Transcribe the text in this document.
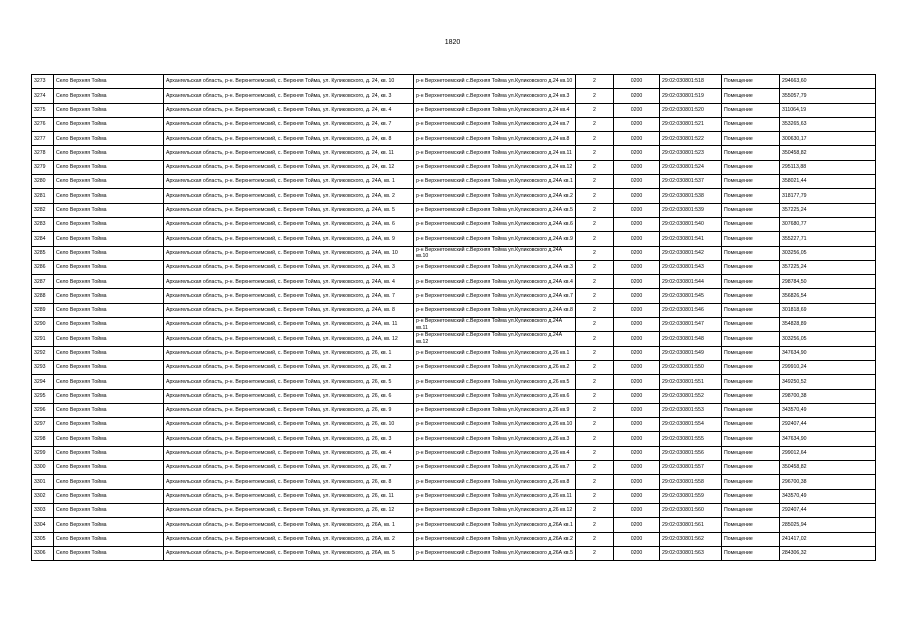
1820
3273	Село Верхняя Тойма	Архангельская область, р-н. Верхнетоемский, с. Верхняя Тойма, ул. Куликовского, д. 24, кв. 10	р-н Верхнетоемский с.Верхняя Тойма ул.Куликовского д.24 кв.10	2	0200	29:02:030801:518	Помещение	294663,60
3274	Село Верхняя Тойма	Архангельская область, р-н. Верхнетоемский, с. Верхняя Тойма, ул. Куликовского, д. 24, кв. 3	р-н Верхнетоемский с.Верхняя Тойма ул.Куликовского д.24 кв.3	2	0200	29:02:030801:519	Помещение	355057,79
3275	Село Верхняя Тойма	Архангельская область, р-н. Верхнетоемский, с. Верхняя Тойма, ул. Куликовского, д. 24, кв. 4	р-н Верхнетоемский с.Верхняя Тойма ул.Куликовского д.24 кв.4	2	0200	29:02:030801:520	Помещение	311064,19
3276	Село Верхняя Тойма	Архангельская область, р-н. Верхнетоемский, с. Верхняя Тойма, ул. Куликовского, д. 24, кв. 7	р-н Верхнетоемский с.Верхняя Тойма ул.Куликовского д.24 кв.7	2	0200	29:02:030801:521	Помещение	353265,63
3277	Село Верхняя Тойма	Архангельская область, р-н. Верхнетоемский, с. Верхняя Тойма, ул. Куликовского, д. 24, кв. 8	р-н Верхнетоемский с.Верхняя Тойма ул.Куликовского д.24 кв.8	2	0200	29:02:030801:522	Помещение	300630,17
3278	Село Верхняя Тойма	Архангельская область, р-н. Верхнетоемский, с. Верхняя Тойма, ул. Куликовского, д. 24, кв. 11	р-н Верхнетоемский с.Верхняя Тойма ул.Куликовского д.24 кв.11	2	0200	29:02:030801:523	Помещение	350458,82
3279	Село Верхняя Тойма	Архангельская область, р-н. Верхнетоемский, с. Верхняя Тойма, ул. Куликовского, д. 24, кв. 12	р-н Верхнетоемский с.Верхняя Тойма ул.Куликовского д.24 кв.12	2	0200	29:02:030801:524	Помещение	295113,88
3280	Село Верхняя Тойма	Архангельская область, р-н. Верхнетоемский, с. Верхняя Тойма, ул. Куликовского, д. 24А, кв. 1	р-н Верхнетоемский с.Верхняя Тойма ул.Куликовского д.24А кв.1	2	0200	29:02:030801:537	Помещение	358021,44
3281	Село Верхняя Тойма	Архангельская область, р-н. Верхнетоемский, с. Верхняя Тойма, ул. Куликовского, д. 24А, кв. 2	р-н Верхнетоемский с.Верхняя Тойма ул.Куликовского д.24А кв.2	2	0200	29:02:030801:538	Помещение	318177,79
3282	Село Верхняя Тойма	Архангельская область, р-н. Верхнетоемский, с. Верхняя Тойма, ул. Куликовского, д. 24А, кв. 5	р-н Верхнетоемский с.Верхняя Тойма ул.Куликовского д.24А кв.5	2	0200	29:02:030801:539	Помещение	357225,24
3283	Село Верхняя Тойма	Архангельская область, р-н. Верхнетоемский, с. Верхняя Тойма, ул. Куликовского, д. 24А, кв. 6	р-н Верхнетоемский с.Верхняя Тойма ул.Куликовского д.24А кв.6	2	0200	29:02:030801:540	Помещение	307680,77
3284	Село Верхняя Тойма	Архангельская область, р-н. Верхнетоемский, с. Верхняя Тойма, ул. Куликовского, д. 24А, кв. 9	р-н Верхнетоемский с.Верхняя Тойма ул.Куликовского д.24А кв.9	2	0200	29:02:030801:541	Помещение	355227,71
3285	Село Верхняя Тойма	Архангельская область, р-н. Верхнетоемский, с. Верхняя Тойма, ул. Куликовского, д. 24А, кв. 10	р-н Верхнетоемский с.Верхняя Тойма ул.Куликовского д.24А кв.10	2	0200	29:02:030801:542	Помещение	303256,05
3286	Село Верхняя Тойма	Архангельская область, р-н. Верхнетоемский, с. Верхняя Тойма, ул. Куликовского, д. 24А, кв. 3	р-н Верхнетоемский с.Верхняя Тойма ул.Куликовского д.24А кв.3	2	0200	29:02:030801:543	Помещение	357225,24
3287	Село Верхняя Тойма	Архангельская область, р-н. Верхнетоемский, с. Верхняя Тойма, ул. Куликовского, д. 24А, кв. 4	р-н Верхнетоемский с.Верхняя Тойма ул.Куликовского д.24А кв.4	2	0200	29:02:030801:544	Помещение	298784,50
3288	Село Верхняя Тойма	Архангельская область, р-н. Верхнетоемский, с. Верхняя Тойма, ул. Куликовского, д. 24А, кв. 7	р-н Верхнетоемский с.Верхняя Тойма ул.Куликовского д.24А кв.7	2	0200	29:02:030801:545	Помещение	356826,54
3289	Село Верхняя Тойма	Архангельская область, р-н. Верхнетоемский, с. Верхняя Тойма, ул. Куликовского, д. 24А, кв. 8	р-н Верхнетоемский с.Верхняя Тойма ул.Куликовского д.24А кв.8	2	0200	29:02:030801:546	Помещение	301818,69
3290	Село Верхняя Тойма	Архангельская область, р-н. Верхнетоемский, с. Верхняя Тойма, ул. Куликовского, д. 24А, кв. 11	р-н Верхнетоемский с.Верхняя Тойма ул.Куликовского д.24А кв.11	2	0200	29:02:030801:547	Помещение	354828,89
3291	Село Верхняя Тойма	Архангельская область, р-н. Верхнетоемский, с. Верхняя Тойма, ул. Куликовского, д. 24А, кв. 12	р-н Верхнетоемский с.Верхняя Тойма ул.Куликовского д.24А кв.12	2	0200	29:02:030801:548	Помещение	303256,05
3292	Село Верхняя Тойма	Архангельская область, р-н. Верхнетоемский, с. Верхняя Тойма, ул. Куликовского, д. 26, кв. 1	р-н Верхнетоемский с.Верхняя Тойма ул.Куликовского д.26 кв.1	2	0200	29:02:030801:549	Помещение	347634,90
3293	Село Верхняя Тойма	Архангельская область, р-н. Верхнетоемский, с. Верхняя Тойма, ул. Куликовского, д. 26, кв. 2	р-н Верхнетоемский с.Верхняя Тойма ул.Куликовского д.26 кв.2	2	0200	29:02:030801:550	Помещение	299910,24
3294	Село Верхняя Тойма	Архангельская область, р-н. Верхнетоемский, с. Верхняя Тойма, ул. Куликовского, д. 26, кв. 5	р-н Верхнетоемский с.Верхняя Тойма ул.Куликовского д.26 кв.5	2	0200	29:02:030801:551	Помещение	349250,52
3295	Село Верхняя Тойма	Архангельская область, р-н. Верхнетоемский, с. Верхняя Тойма, ул. Куликовского, д. 26, кв. 6	р-н Верхнетоемский с.Верхняя Тойма ул.Куликовского д.26 кв.6	2	0200	29:02:030801:552	Помещение	298700,38
3296	Село Верхняя Тойма	Архангельская область, р-н. Верхнетоемский, с. Верхняя Тойма, ул. Куликовского, д. 26, кв. 9	р-н Верхнетоемский с.Верхняя Тойма ул.Куликовского д.26 кв.9	2	0200	29:02:030801:553	Помещение	343570,49
3297	Село Верхняя Тойма	Архангельская область, р-н. Верхнетоемский, с. Верхняя Тойма, ул. Куликовского, д. 26, кв. 10	р-н Верхнетоемский с.Верхняя Тойма ул.Куликовского д.26 кв.10	2	0200	29:02:030801:554	Помещение	292407,44
3298	Село Верхняя Тойма	Архангельская область, р-н. Верхнетоемский, с. Верхняя Тойма, ул. Куликовского, д. 26, кв. 3	р-н Верхнетоемский с.Верхняя Тойма ул.Куликовского д.26 кв.3	2	0200	29:02:030801:555	Помещение	347634,90
3299	Село Верхняя Тойма	Архангельская область, р-н. Верхнетоемский, с. Верхняя Тойма, ул. Куликовского, д. 26, кв. 4	р-н Верхнетоемский с.Верхняя Тойма ул.Куликовского д.26 кв.4	2	0200	29:02:030801:556	Помещение	299012,64
3300	Село Верхняя Тойма	Архангельская область, р-н. Верхнетоемский, с. Верхняя Тойма, ул. Куликовского, д. 26, кв. 7	р-н Верхнетоемский с.Верхняя Тойма ул.Куликовского д.26 кв.7	2	0200	29:02:030801:557	Помещение	350458,82
3301	Село Верхняя Тойма	Архангельская область, р-н. Верхнетоемский, с. Верхняя Тойма, ул. Куликовского, д. 26, кв. 8	р-н Верхнетоемский с.Верхняя Тойма ул.Куликовского д.26 кв.8	2	0200	29:02:030801:558	Помещение	296700,38
3302	Село Верхняя Тойма	Архангельская область, р-н. Верхнетоемский, с. Верхняя Тойма, ул. Куликовского, д. 26, кв. 11	р-н Верхнетоемский с.Верхняя Тойма ул.Куликовского д.26 кв.11	2	0200	29:02:030801:559	Помещение	343570,49
3303	Село Верхняя Тойма	Архангельская область, р-н. Верхнетоемский, с. Верхняя Тойма, ул. Куликовского, д. 26, кв. 12	р-н Верхнетоемский с.Верхняя Тойма ул.Куликовского д.26 кв.12	2	0200	29:02:030801:560	Помещение	292407,44
3304	Село Верхняя Тойма	Архангельская область, р-н. Верхнетоемский, с. Верхняя Тойма, ул. Куликовского, д. 26А, кв. 1	р-н Верхнетоемский с.Верхняя Тойма ул.Куликовского д.26А кв.1	2	0200	29:02:030801:561	Помещение	285025,94
3305	Село Верхняя Тойма	Архангельская область, р-н. Верхнетоемский, с. Верхняя Тойма, ул. Куликовского, д. 26А, кв. 2	р-н Верхнетоемский с.Верхняя Тойма ул.Куликовского д.26А кв.2	2	0200	29:02:030801:562	Помещение	241417,02
3306	Село Верхняя Тойма	Архангельская область, р-н. Верхнетоемский, с. Верхняя Тойма, ул. Куликовского, д. 26А, кв. 5	р-н Верхнетоемский с.Верхняя Тойма ул.Куликовского д.26А кв.5	2	0200	29:02:030801:563	Помещение	284306,32
